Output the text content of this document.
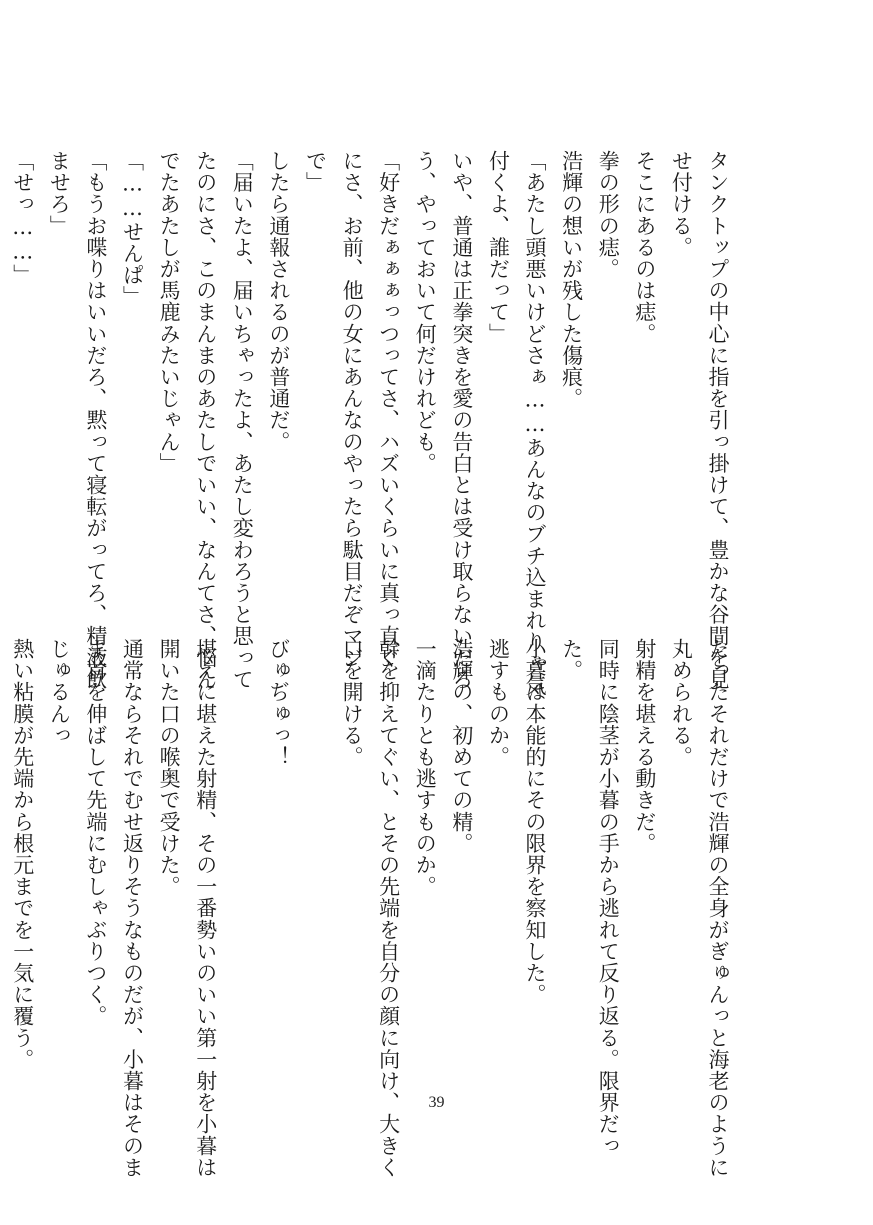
タンクトップの中心に指を引っ掛けて、豊かな谷間を見

せ付ける。

そこにあるのは痣。

拳の形の痣。

浩輝の想いが残した傷痕。

「あたし頭悪いけどさぁ……あんなのブチ込まれりゃ気

付くよ、誰だって」

いや、普通は正拳突きを愛の告白とは受け取らないだろ

う、やっておいて何だけれども。

「好きだぁぁぁっつってさ、ハズいくらいに真っ直ぐ

にさ、お前、他の女にあんなのやったら駄目だぞマジ

で」

したら通報されるのが普通だ。

「届いたよ、届いちゃったよ、あたし変わろうと思って

たのにさ、このまんまのあたしでいい、なんてさ、悩ん

でたあたしが馬鹿みたいじゃん」

「……せんぱ」

「もうお喋りはいいだろ、黙って寝転がってろ、精液飲

ませろ」

「せっ……」

たったそれだけで浩輝の全身がぎゅんっと海老のように

丸められる。

射精を堪える動きだ。

同時に陰茎が小暮の手から逃れて反り返る。限界だっ

た。

小暮は本能的にその限界を察知した。

逃すものか。

浩輝の、初めての精。

一滴たりとも逃すものか。

幹を抑えてぐい、とその先端を自分の顔に向け、大きく

口を開ける。

びゅぢゅっ！

堪えに堪えた射精、その一番勢いのいい第一射を小暮は

開いた口の喉奥で受けた。

通常ならそれでむせ返りそうなものだが、小暮はそのま

ま首を伸ばして先端にむしゃぶりつく。

じゅるんっ

熱い粘膜が先端から根元までを一気に覆う。

39
